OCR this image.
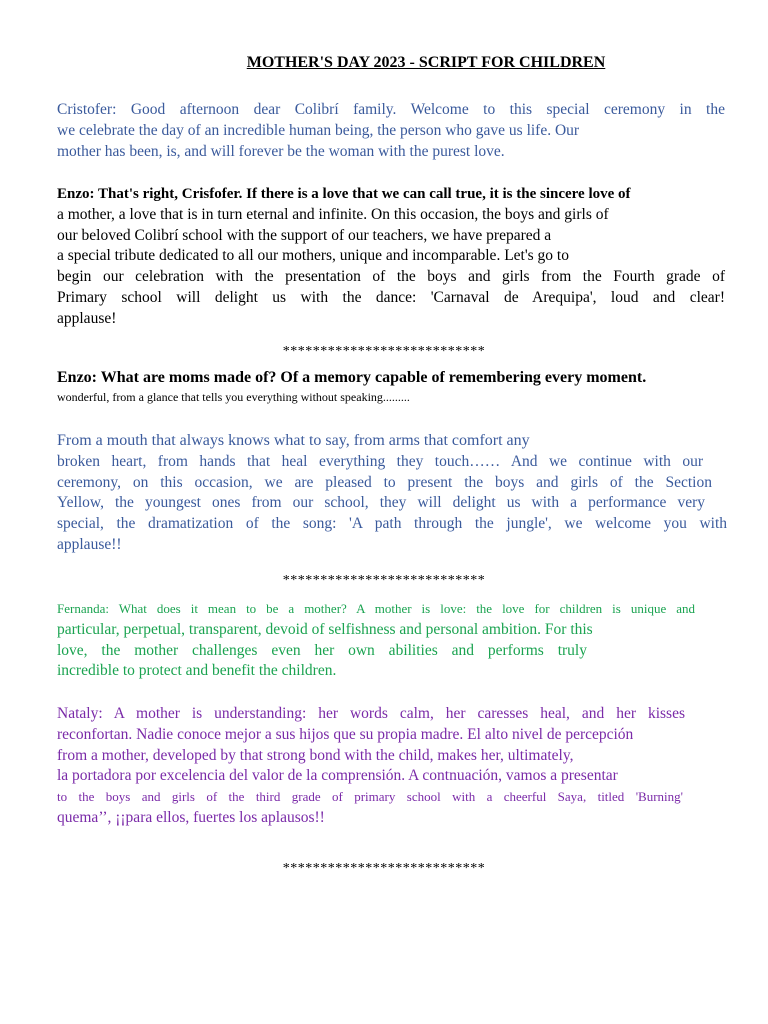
MOTHER'S DAY 2023 - SCRIPT FOR CHILDREN
Cristofer: Good afternoon dear Colibrí family. Welcome to this special ceremony in the
we celebrate the day of an incredible human being, the person who gave us life. Our
mother has been, is, and will forever be the woman with the purest love.
Enzo: That's right, Crisfofer. If there is a love that we can call true, it is the sincere love of
a mother, a love that is in turn eternal and infinite. On this occasion, the boys and girls of
our beloved Colibrí school with the support of our teachers, we have prepared a
a special tribute dedicated to all our mothers, unique and incomparable. Let's go to
begin our celebration with the presentation of the boys and girls from the Fourth grade of
Primary school will delight us with the dance: 'Carnaval de Arequipa', loud and clear!
applause!
***************************
Enzo: What are moms made of? Of a memory capable of remembering every moment.
wonderful, from a glance that tells you everything without speaking.........
From a mouth that always knows what to say, from arms that comfort any
broken heart, from hands that heal everything they touch…… And we continue with our
ceremony, on this occasion, we are pleased to present the boys and girls of the Section
Yellow, the youngest ones from our school, they will delight us with a performance very
special, the dramatization of the song: 'A path through the jungle', we welcome you with
applause!!
***************************
Fernanda: What does it mean to be a mother? A mother is love: the love for children is unique and
particular, perpetual, transparent, devoid of selfishness and personal ambition. For this
love, the mother challenges even her own abilities and performs truly
incredible to protect and benefit the children.
Nataly: A mother is understanding: her words calm, her caresses heal, and her kisses
reconfortan. Nadie conoce mejor a sus hijos que su propia madre. El alto nivel de percepción
from a mother, developed by that strong bond with the child, makes her, ultimately,
la portadora por excelencia del valor de la comprensión. A contnuación, vamos a presentar
to the boys and girls of the third grade of primary school with a cheerful Saya, titled 'Burning'
quema’’, ¡¡para ellos, fuertes los aplausos!!
***************************
